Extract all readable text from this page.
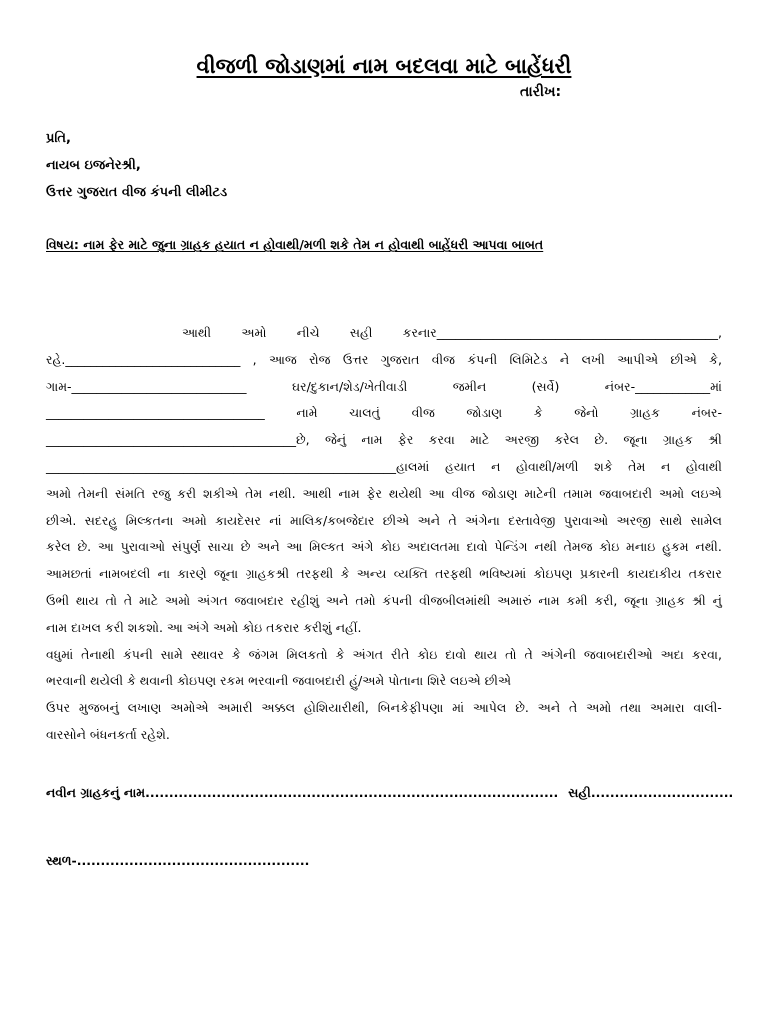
વીજળી જોડાણમાં નામ બદલવા માટે બાહેંધરી
તારીખ:
પ્રતિ,
નાયબ ઇજનેરશ્રી,
ઉત્તર ગુજરાત વીજ કંપની લીમીટડ
વિષય: નામ ફેર માટે જુના ગ્રાહક હયાત ન હોવાથી/મળી શકે તેમ ન હોવાથી બાહેંધરી આપવા બાબત
આથી અમો નીચે સહી કરનાર_____________________________________________,
રહે.____________________________ , આજ રોજ ઉત્તર ગુજરાત વીજ કંપની લિમિટેડ ને લખી આપીએ છીએ કે,
ગામ-____________________________	ઘર/દુકાન/શેડ/ખેતીવાડી	જમીન	(સર્વે)	નંબર-____________માં
___________________________________	નામે	ચાલતું	વીજ	જોડાણ	કે	જેનો	ગ્રાહક	નંબર-
________________________________________છે, જેનું નામ ફેર કરવા માટે અરજી કરેલ છે. જૂના ગ્રાહક શ્રી
________________________________________________________હાલમાં હયાત ન હોવાથી/મળી શકે તેમ ન હોવાથી
અમો તેમની સંમતિ રજુ કરી શકીએ તેમ નથી. આથી નામ ફેર થયેથી આ વીજ જોડાણ માટેની તમામ જવાબદારી અમો લઇએ
છીએ. સદરહુ મિલ્કતના અમો કાયદેસર નાં માલિક/કબજેદાર છીએ અને તે અંગેના દસ્તાવેજી પુરાવાઓ અરજી સાથે સામેલ
કરેલ છે. આ પુરાવાઓ સંપુર્ણ સાચા છે અને આ મિલ્કત અંગે કોઇ અદાલતમા દાવો પેન્ડિંગ નથી તેમજ કોઇ મનાઇ હુકમ નથી.
આમછતાં નામબદલી ના કારણે જૂના ગ્રાહકશ્રી તરફથી કે અન્ય વ્યક્તિ તરફથી ભવિષ્યમાં કોઇપણ પ્રકારની કાયદાકીય તકરાર
ઉભી થાય તો તે માટે અમો અંગત જવાબદાર રહીશું અને તમો કંપની વીજબીલમાંથી અમારું નામ કમી કરી, જૂના ગ્રાહક શ્રી નું
નામ દાખલ કરી શકશો. આ અંગે અમો કોઇ તકરાર કરીશું નહીં.
વધુમાં તેનાથી કંપની સામે સ્થાવર કે જંગમ મિલકતો કે અંગત રીતે કોઇ દાવો થાય તો તે અંગેની જવાબદારીઓ અદા કરવા,
ભરવાની થયેલી કે થવાની કોઇપણ રકમ ભરવાની જવાબદારી હું/અમે પોતાના શિરે લઇએ છીએ
ઉપર મુજબનું લખાણ અમોએ અમારી અક્કલ હોશિયારીથી, બિનકેફીપણા માં આપેલ છે. અને તે અમો તથા અમારા વાલી-
વારસોને બંધનકર્તા રહેશે.
નવીન ગ્રાહકનું નામ....................................................................................... સહી..............................
સ્થળ-.................................................
